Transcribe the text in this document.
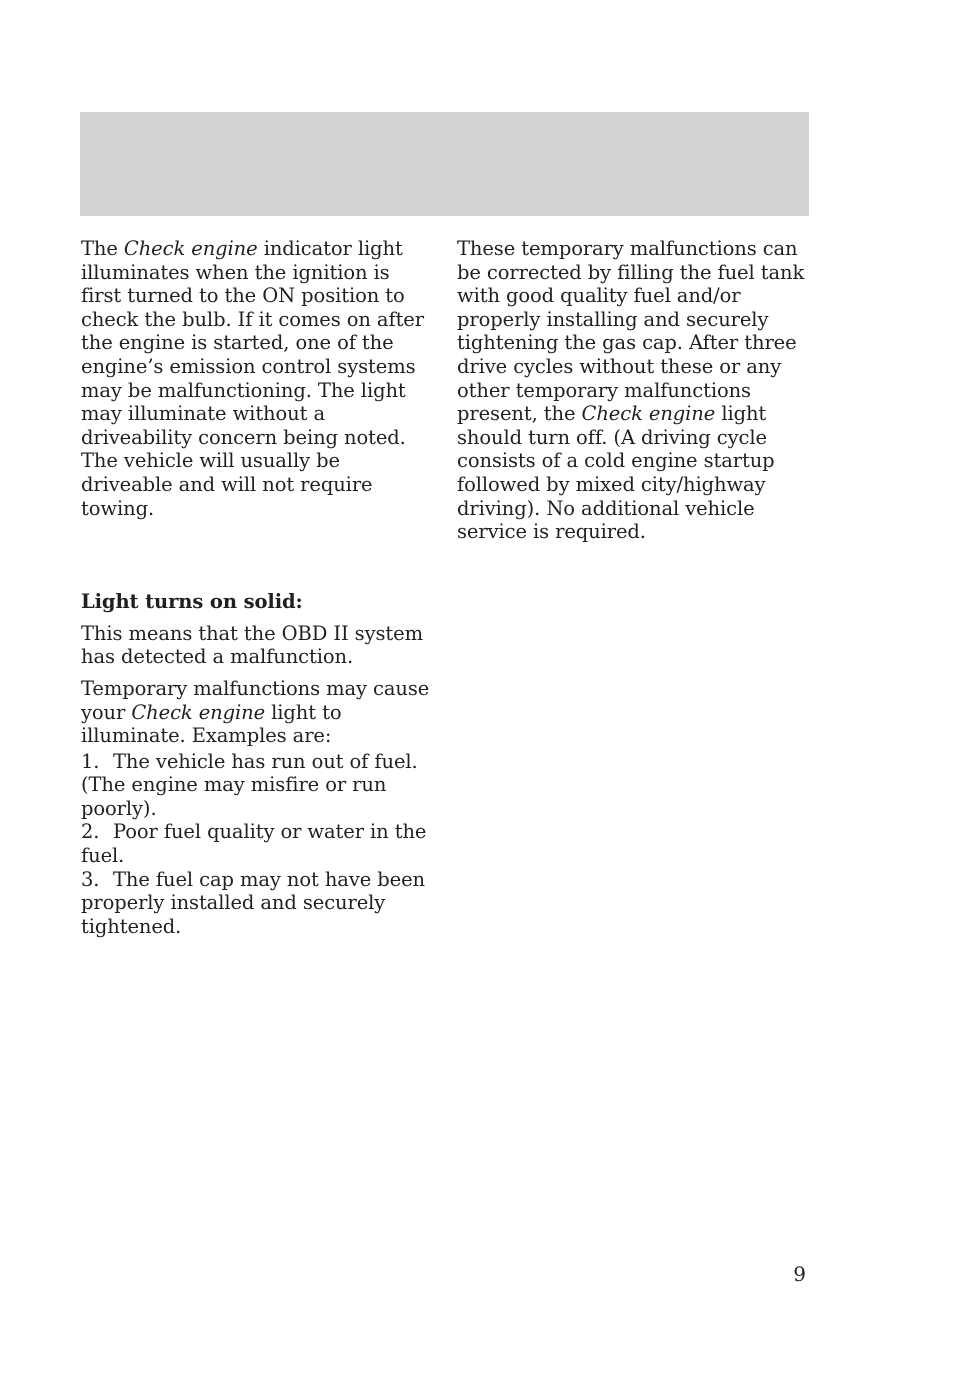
The Check engine indicator light illuminates when the ignition is first turned to the ON position to check the bulb. If it comes on after the engine is started, one of the engine’s emission control systems may be malfunctioning. The light may illuminate without a driveability concern being noted. The vehicle will usually be driveable and will not require towing.

Light turns on solid:

This means that the OBD II system has detected a malfunction.

Temporary malfunctions may cause your Check engine light to illuminate. Examples are:

1. The vehicle has run out of fuel. (The engine may misfire or run poorly).

2. Poor fuel quality or water in the fuel.

3. The fuel cap may not have been properly installed and securely tightened.

These temporary malfunctions can be corrected by filling the fuel tank with good quality fuel and/or properly installing and securely tightening the gas cap. After three drive cycles without these or any other temporary malfunctions present, the Check engine light should turn off. (A driving cycle consists of a cold engine startup followed by mixed city/highway driving). No additional vehicle service is required.

9
